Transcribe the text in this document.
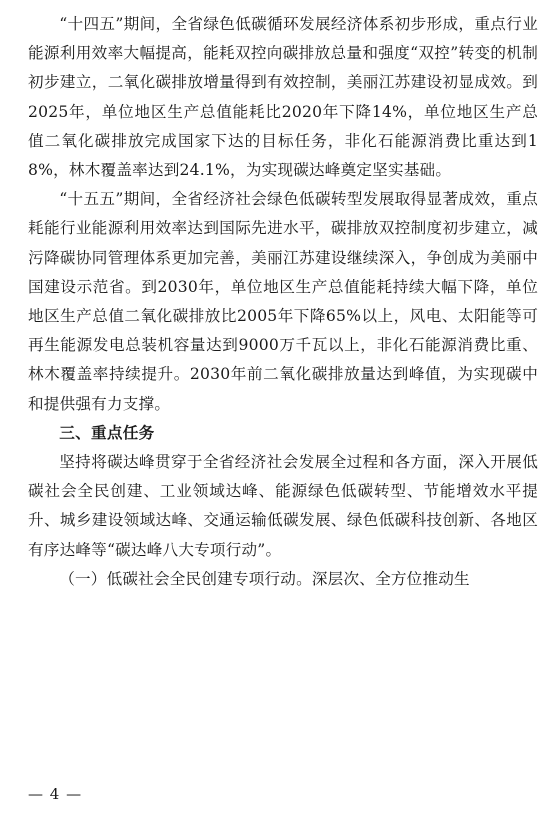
“十四五”期间，全省绿色低碳循环发展经济体系初步形成，重点行业能源利用效率大幅提高，能耗双控向碳排放总量和强度“双控”转变的机制初步建立，二氧化碳排放增量得到有效控制，美丽江苏建设初显成效。到2025年，单位地区生产总值能耗比2020年下降14%，单位地区生产总值二氧化碳排放完成国家下达的目标任务，非化石能源消费比重达到18%，林木覆盖率达到24.1%，为实现碳达峰奠定坚实基础。

“十五五”期间，全省经济社会绿色低碳转型发展取得显著成效，重点耗能行业能源利用效率达到国际先进水平，碳排放双控制度初步建立，减污降碳协同管理体系更加完善，美丽江苏建设继续深入，争创成为美丽中国建设示范省。到2030年，单位地区生产总值能耗持续大幅下降，单位地区生产总值二氧化碳排放比2005年下降65%以上，风电、太阳能等可再生能源发电总装机容量达到9000万千瓦以上，非化石能源消费比重、林木覆盖率持续提升。2030年前二氧化碳排放量达到峰值，为实现碳中和提供强有力支撑。

三、重点任务

坚持将碳达峰贯穿于全省经济社会发展全过程和各方面，深入开展低碳社会全民创建、工业领域达峰、能源绿色低碳转型、节能增效水平提升、城乡建设领域达峰、交通运输低碳发展、绿色低碳科技创新、各地区有序达峰等“碳达峰八大专项行动”。

（一）低碳社会全民创建专项行动。深层次、全方位推动生

— 4 —
